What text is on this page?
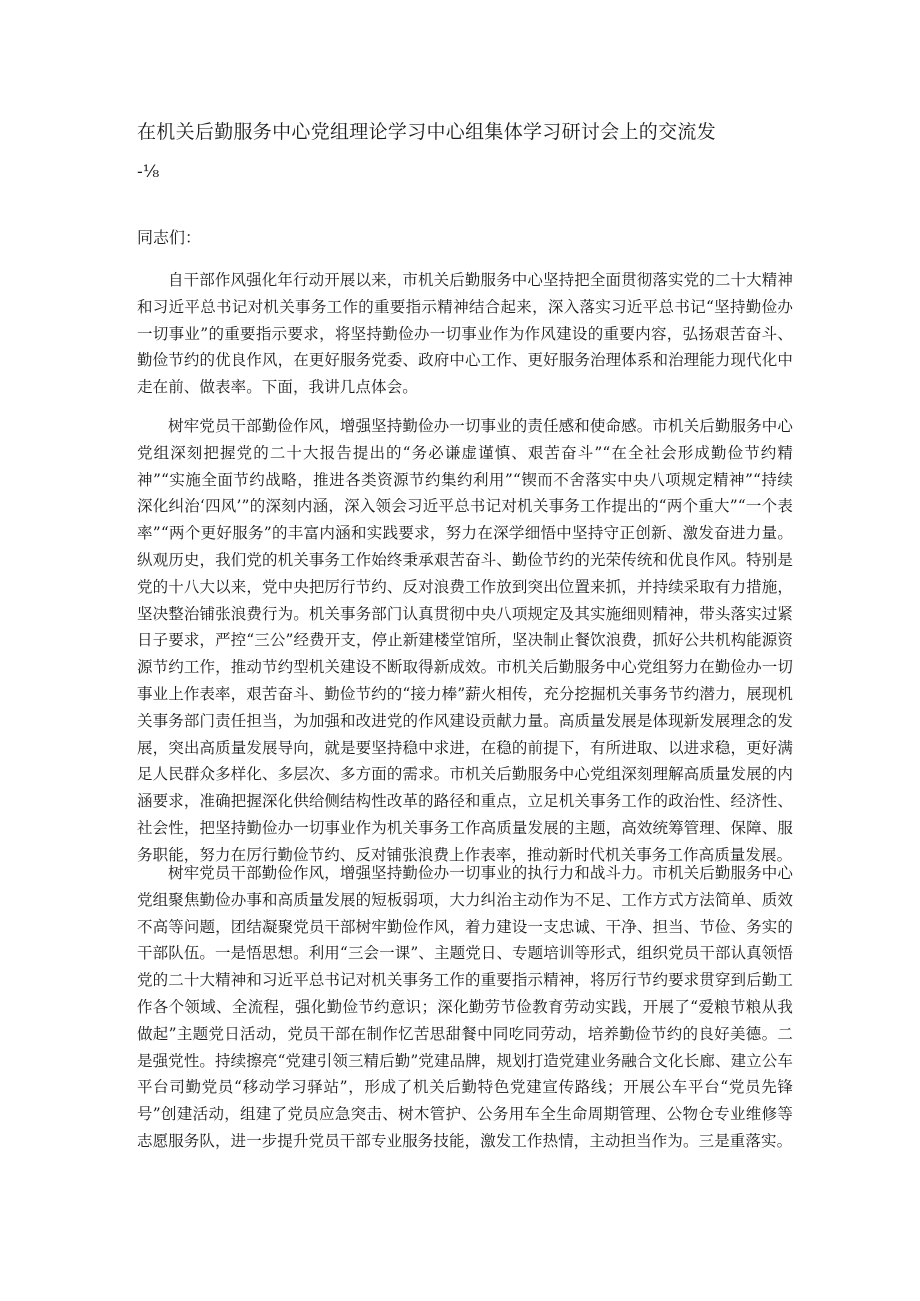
在机关后勤服务中心党组理论学习中心组集体学习研讨会上的交流发
-⅛
同志们：

自干部作风强化年行动开展以来，市机关后勤服务中心坚持把全面贯彻落实党的二十大精神和习近平总书记对机关事务工作的重要指示精神结合起来，深入落实习近平总书记“坚持勤俭办一切事业”的重要指示要求，将坚持勤俭办一切事业作为作风建设的重要内容，弘扬艰苦奋斗、勤俭节约的优良作风，在更好服务党委、政府中心工作、更好服务治理体系和治理能力现代化中走在前、做表率。下面，我讲几点体会。

树牢党员干部勤俭作风，增强坚持勤俭办一切事业的责任感和使命感。市机关后勤服务中心党组深刻把握党的二十大报告提出的“务必谦虚谨慎、艰苦奋斗”“在全社会形成勤俭节约精神”“实施全面节约战略，推进各类资源节约集约利用”“锲而不舍落实中央八项规定精神”“持续深化纠治‘四风’”的深刻内涵，深入领会习近平总书记对机关事务工作提出的“两个重大”“一个表率”“两个更好服务”的丰富内涵和实践要求，努力在深学细悟中坚持守正创新、激发奋进力量。纵观历史，我们党的机关事务工作始终秉承艰苦奋斗、勤俭节约的光荣传统和优良作风。特别是党的十八大以来，党中央把厉行节约、反对浪费工作放到突出位置来抓，并持续采取有力措施，坚决整治铺张浪费行为。机关事务部门认真贯彻中央八项规定及其实施细则精神，带头落实过紧日子要求，严控“三公”经费开支，停止新建楼堂馆所，坚决制止餐饮浪费，抓好公共机构能源资源节约工作，推动节约型机关建设不断取得新成效。市机关后勤服务中心党组努力在勤俭办一切事业上作表率，艰苦奋斗、勤俭节约的“接力棒”薪火相传，充分挖掘机关事务节约潜力，展现机关事务部门责任担当，为加强和改进党的作风建设贡献力量。高质量发展是体现新发展理念的发展，突出高质量发展导向，就是要坚持稳中求进，在稳的前提下，有所进取、以进求稳，更好满足人民群众多样化、多层次、多方面的需求。市机关后勤服务中心党组深刻理解高质量发展的内涵要求，准确把握深化供给侧结构性改革的路径和重点，立足机关事务工作的政治性、经济性、社会性，把坚持勤俭办一切事业作为机关事务工作高质量发展的主题，高效统筹管理、保障、服务职能，努力在厉行勤俭节约、反对铺张浪费上作表率，推动新时代机关事务工作高质量发展。

树牢党员干部勤俭作风，增强坚持勤俭办一切事业的执行力和战斗力。市机关后勤服务中心党组聚焦勤俭办事和高质量发展的短板弱项，大力纠治主动作为不足、工作方式方法简单、质效不高等问题，团结凝聚党员干部树牢勤俭作风，着力建设一支忠诚、干净、担当、节俭、务实的干部队伍。一是悟思想。利用“三会一课”、主题党日、专题培训等形式，组织党员干部认真领悟党的二十大精神和习近平总书记对机关事务工作的重要指示精神，将厉行节约要求贯穿到后勤工作各个领域、全流程，强化勤俭节约意识；深化勤劳节俭教育劳动实践，开展了“爱粮节粮从我做起”主题党日活动，党员干部在制作忆苦思甜餐中同吃同劳动，培养勤俭节约的良好美德。二是强党性。持续擦亮“党建引领三精后勤”党建品牌，规划打造党建业务融合文化长廊、建立公车平台司勤党员“移动学习驿站”，形成了机关后勤特色党建宣传路线；开展公车平台“党员先锋号”创建活动，组建了党员应急突击、树木管护、公务用车全生命周期管理、公物仓专业维修等志愿服务队，进一步提升党员干部专业服务技能，激发工作热情，主动担当作为。三是重落实。
